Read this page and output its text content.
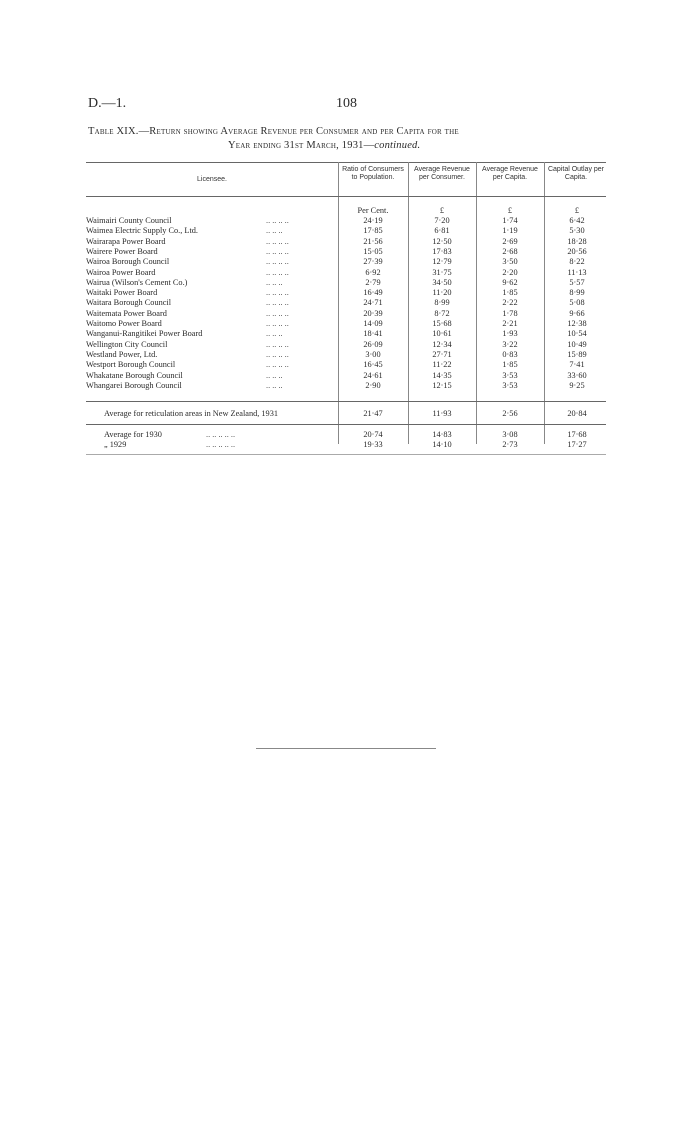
D.—1.	108
Table XIX.—Return showing Average Revenue per Consumer and per Capita for the
Year ending 31st March, 1931—continued.
Licensee.
Ratio of Consumers to Population.
Average Revenue per Consumer.
Average Revenue per Capita.
Capital Outlay per Capita.
Per Cent.	£	£	£
Waimairi County Council	.. .. .. ..	24·19	7·20	1·74	6·42
Waimea Electric Supply Co., Ltd.	.. .. ..	17·85	6·81	1·19	5·30
Wairarapa Power Board	.. .. .. ..	21·56	12·50	2·69	18·28
Wairere Power Board	.. .. .. ..	15·05	17·83	2·68	20·56
Wairoa Borough Council	.. .. .. ..	27·39	12·79	3·50	8·22
Wairoa Power Board	.. .. .. ..	6·92	31·75	2·20	11·13
Wairua (Wilson's Cement Co.)	.. .. ..	2·79	34·50	9·62	5·57
Waitaki Power Board	.. .. .. ..	16·49	11·20	1·85	8·99
Waitara Borough Council	.. .. .. ..	24·71	8·99	2·22	5·08
Waitemata Power Board	.. .. .. ..	20·39	8·72	1·78	9·66
Waitomo Power Board	.. .. .. ..	14·09	15·68	2·21	12·38
Wanganui-Rangitikei Power Board	.. .. ..	18·41	10·61	1·93	10·54
Wellington City Council	.. .. .. ..	26·09	12·34	3·22	10·49
Westland Power, Ltd.	.. .. .. ..	3·00	27·71	0·83	15·89
Westport Borough Council	.. .. .. ..	16·45	11·22	1·85	7·41
Whakatane Borough Council	.. .. ..	24·61	14·35	3·53	33·60
Whangarei Borough Council	.. .. ..	2·90	12·15	3·53	9·25
Average for reticulation areas in New Zealand, 1931	21·47	11·93	2·56	20·84
Average for 1930	.. .. .. .. ..	20·74	14·83	3·08	17·68
„ 1929	.. .. .. .. ..	19·33	14·10	2·73	17·27
